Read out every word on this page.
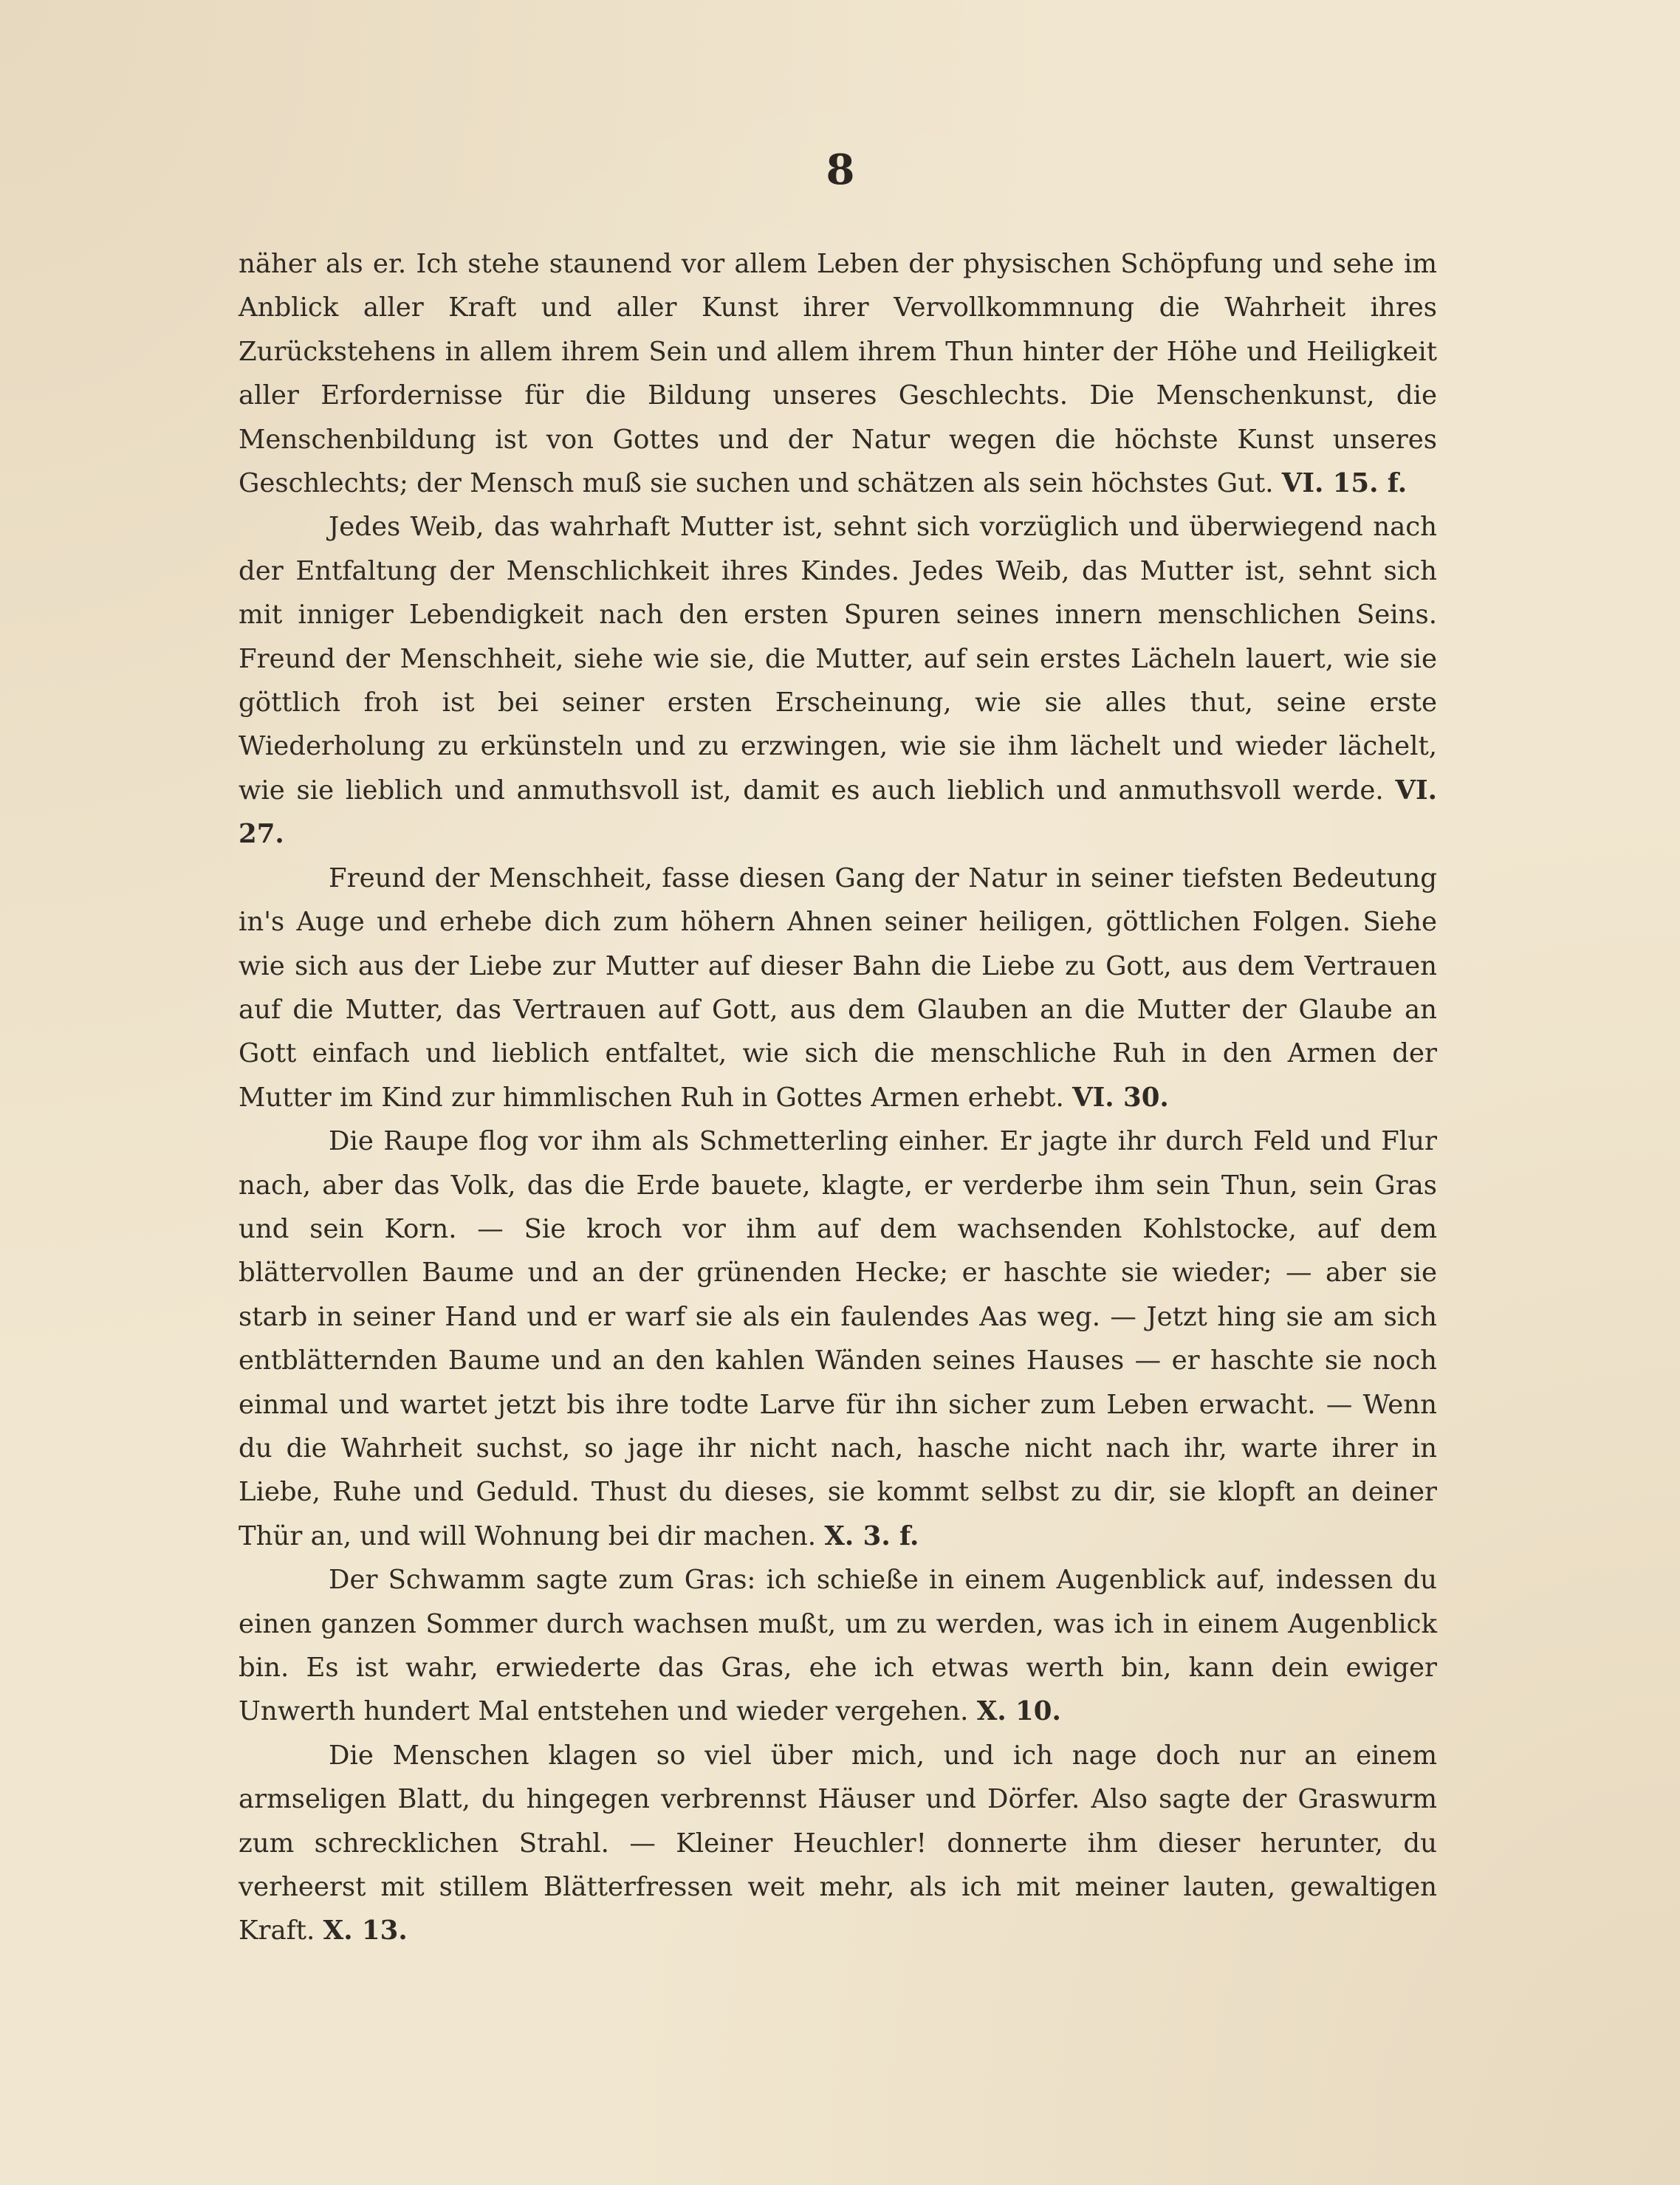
8

näher als er. Ich stehe staunend vor allem Leben der physischen Schöpfung und sehe im Anblick aller Kraft und aller Kunst ihrer Vervollkommnung die Wahrheit ihres Zurückstehens in allem ihrem Sein und allem ihrem Thun hinter der Höhe und Heiligkeit aller Erfordernisse für die Bildung unseres Geschlechts. Die Menschenkunst, die Menschenbildung ist von Gottes und der Natur wegen die höchste Kunst unseres Geschlechts; der Mensch muß sie suchen und schätzen als sein höchstes Gut. VI. 15. f.

Jedes Weib, das wahrhaft Mutter ist, sehnt sich vorzüglich und überwiegend nach der Entfaltung der Menschlichkeit ihres Kindes. Jedes Weib, das Mutter ist, sehnt sich mit inniger Lebendigkeit nach den ersten Spuren seines innern menschlichen Seins. Freund der Menschheit, siehe wie sie, die Mutter, auf sein erstes Lächeln lauert, wie sie göttlich froh ist bei seiner ersten Erscheinung, wie sie alles thut, seine erste Wiederholung zu erkünsteln und zu erzwingen, wie sie ihm lächelt und wieder lächelt, wie sie lieblich und anmuthsvoll ist, damit es auch lieblich und anmuthsvoll werde. VI. 27.

Freund der Menschheit, fasse diesen Gang der Natur in seiner tiefsten Bedeutung in's Auge und erhebe dich zum höhern Ahnen seiner heiligen, göttlichen Folgen. Siehe wie sich aus der Liebe zur Mutter auf dieser Bahn die Liebe zu Gott, aus dem Vertrauen auf die Mutter, das Vertrauen auf Gott, aus dem Glauben an die Mutter der Glaube an Gott einfach und lieblich entfaltet, wie sich die menschliche Ruh in den Armen der Mutter im Kind zur himmlischen Ruh in Gottes Armen erhebt. VI. 30.

Die Raupe flog vor ihm als Schmetterling einher. Er jagte ihr durch Feld und Flur nach, aber das Volk, das die Erde bauete, klagte, er verderbe ihm sein Thun, sein Gras und sein Korn. — Sie kroch vor ihm auf dem wachsenden Kohlstocke, auf dem blättervollen Baume und an der grünenden Hecke; er haschte sie wieder; — aber sie starb in seiner Hand und er warf sie als ein faulendes Aas weg. — Jetzt hing sie am sich entblätternden Baume und an den kahlen Wänden seines Hauses — er haschte sie noch einmal und wartet jetzt bis ihre todte Larve für ihn sicher zum Leben erwacht. — Wenn du die Wahrheit suchst, so jage ihr nicht nach, hasche nicht nach ihr, warte ihrer in Liebe, Ruhe und Geduld. Thust du dieses, sie kommt selbst zu dir, sie klopft an deiner Thür an, und will Wohnung bei dir machen. X. 3. f.

Der Schwamm sagte zum Gras: ich schieße in einem Augenblick auf, indessen du einen ganzen Sommer durch wachsen mußt, um zu werden, was ich in einem Augenblick bin. Es ist wahr, erwiederte das Gras, ehe ich etwas werth bin, kann dein ewiger Unwerth hundert Mal entstehen und wieder vergehen. X. 10.

Die Menschen klagen so viel über mich, und ich nage doch nur an einem armseligen Blatt, du hingegen verbrennst Häuser und Dörfer. Also sagte der Graswurm zum schrecklichen Strahl. — Kleiner Heuchler! donnerte ihm dieser herunter, du verheerst mit stillem Blätterfressen weit mehr, als ich mit meiner lauten, gewaltigen Kraft. X. 13.
